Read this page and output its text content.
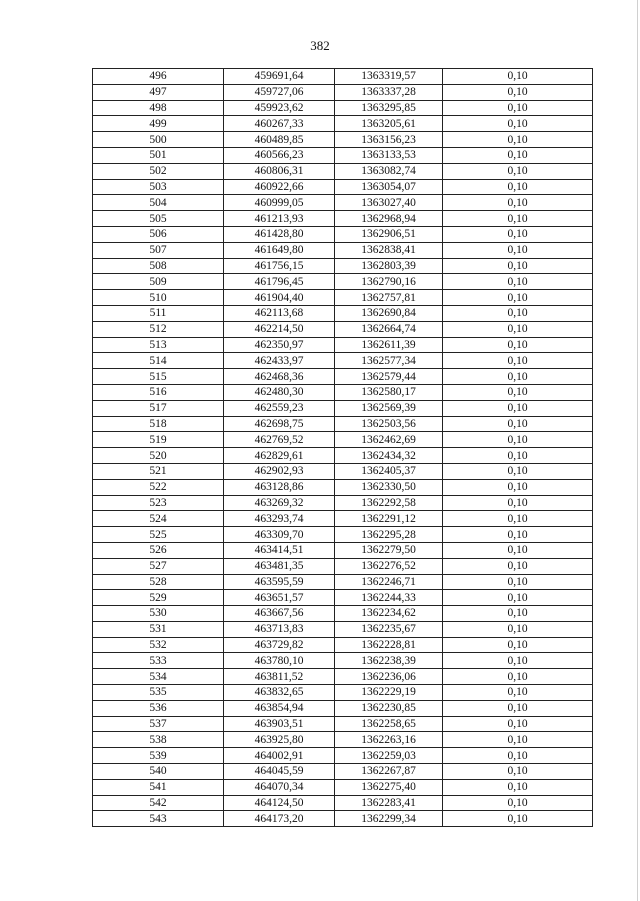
382
496	459691,64	1363319,57	0,10
497	459727,06	1363337,28	0,10
498	459923,62	1363295,85	0,10
499	460267,33	1363205,61	0,10
500	460489,85	1363156,23	0,10
501	460566,23	1363133,53	0,10
502	460806,31	1363082,74	0,10
503	460922,66	1363054,07	0,10
504	460999,05	1363027,40	0,10
505	461213,93	1362968,94	0,10
506	461428,80	1362906,51	0,10
507	461649,80	1362838,41	0,10
508	461756,15	1362803,39	0,10
509	461796,45	1362790,16	0,10
510	461904,40	1362757,81	0,10
511	462113,68	1362690,84	0,10
512	462214,50	1362664,74	0,10
513	462350,97	1362611,39	0,10
514	462433,97	1362577,34	0,10
515	462468,36	1362579,44	0,10
516	462480,30	1362580,17	0,10
517	462559,23	1362569,39	0,10
518	462698,75	1362503,56	0,10
519	462769,52	1362462,69	0,10
520	462829,61	1362434,32	0,10
521	462902,93	1362405,37	0,10
522	463128,86	1362330,50	0,10
523	463269,32	1362292,58	0,10
524	463293,74	1362291,12	0,10
525	463309,70	1362295,28	0,10
526	463414,51	1362279,50	0,10
527	463481,35	1362276,52	0,10
528	463595,59	1362246,71	0,10
529	463651,57	1362244,33	0,10
530	463667,56	1362234,62	0,10
531	463713,83	1362235,67	0,10
532	463729,82	1362228,81	0,10
533	463780,10	1362238,39	0,10
534	463811,52	1362236,06	0,10
535	463832,65	1362229,19	0,10
536	463854,94	1362230,85	0,10
537	463903,51	1362258,65	0,10
538	463925,80	1362263,16	0,10
539	464002,91	1362259,03	0,10
540	464045,59	1362267,87	0,10
541	464070,34	1362275,40	0,10
542	464124,50	1362283,41	0,10
543	464173,20	1362299,34	0,10
